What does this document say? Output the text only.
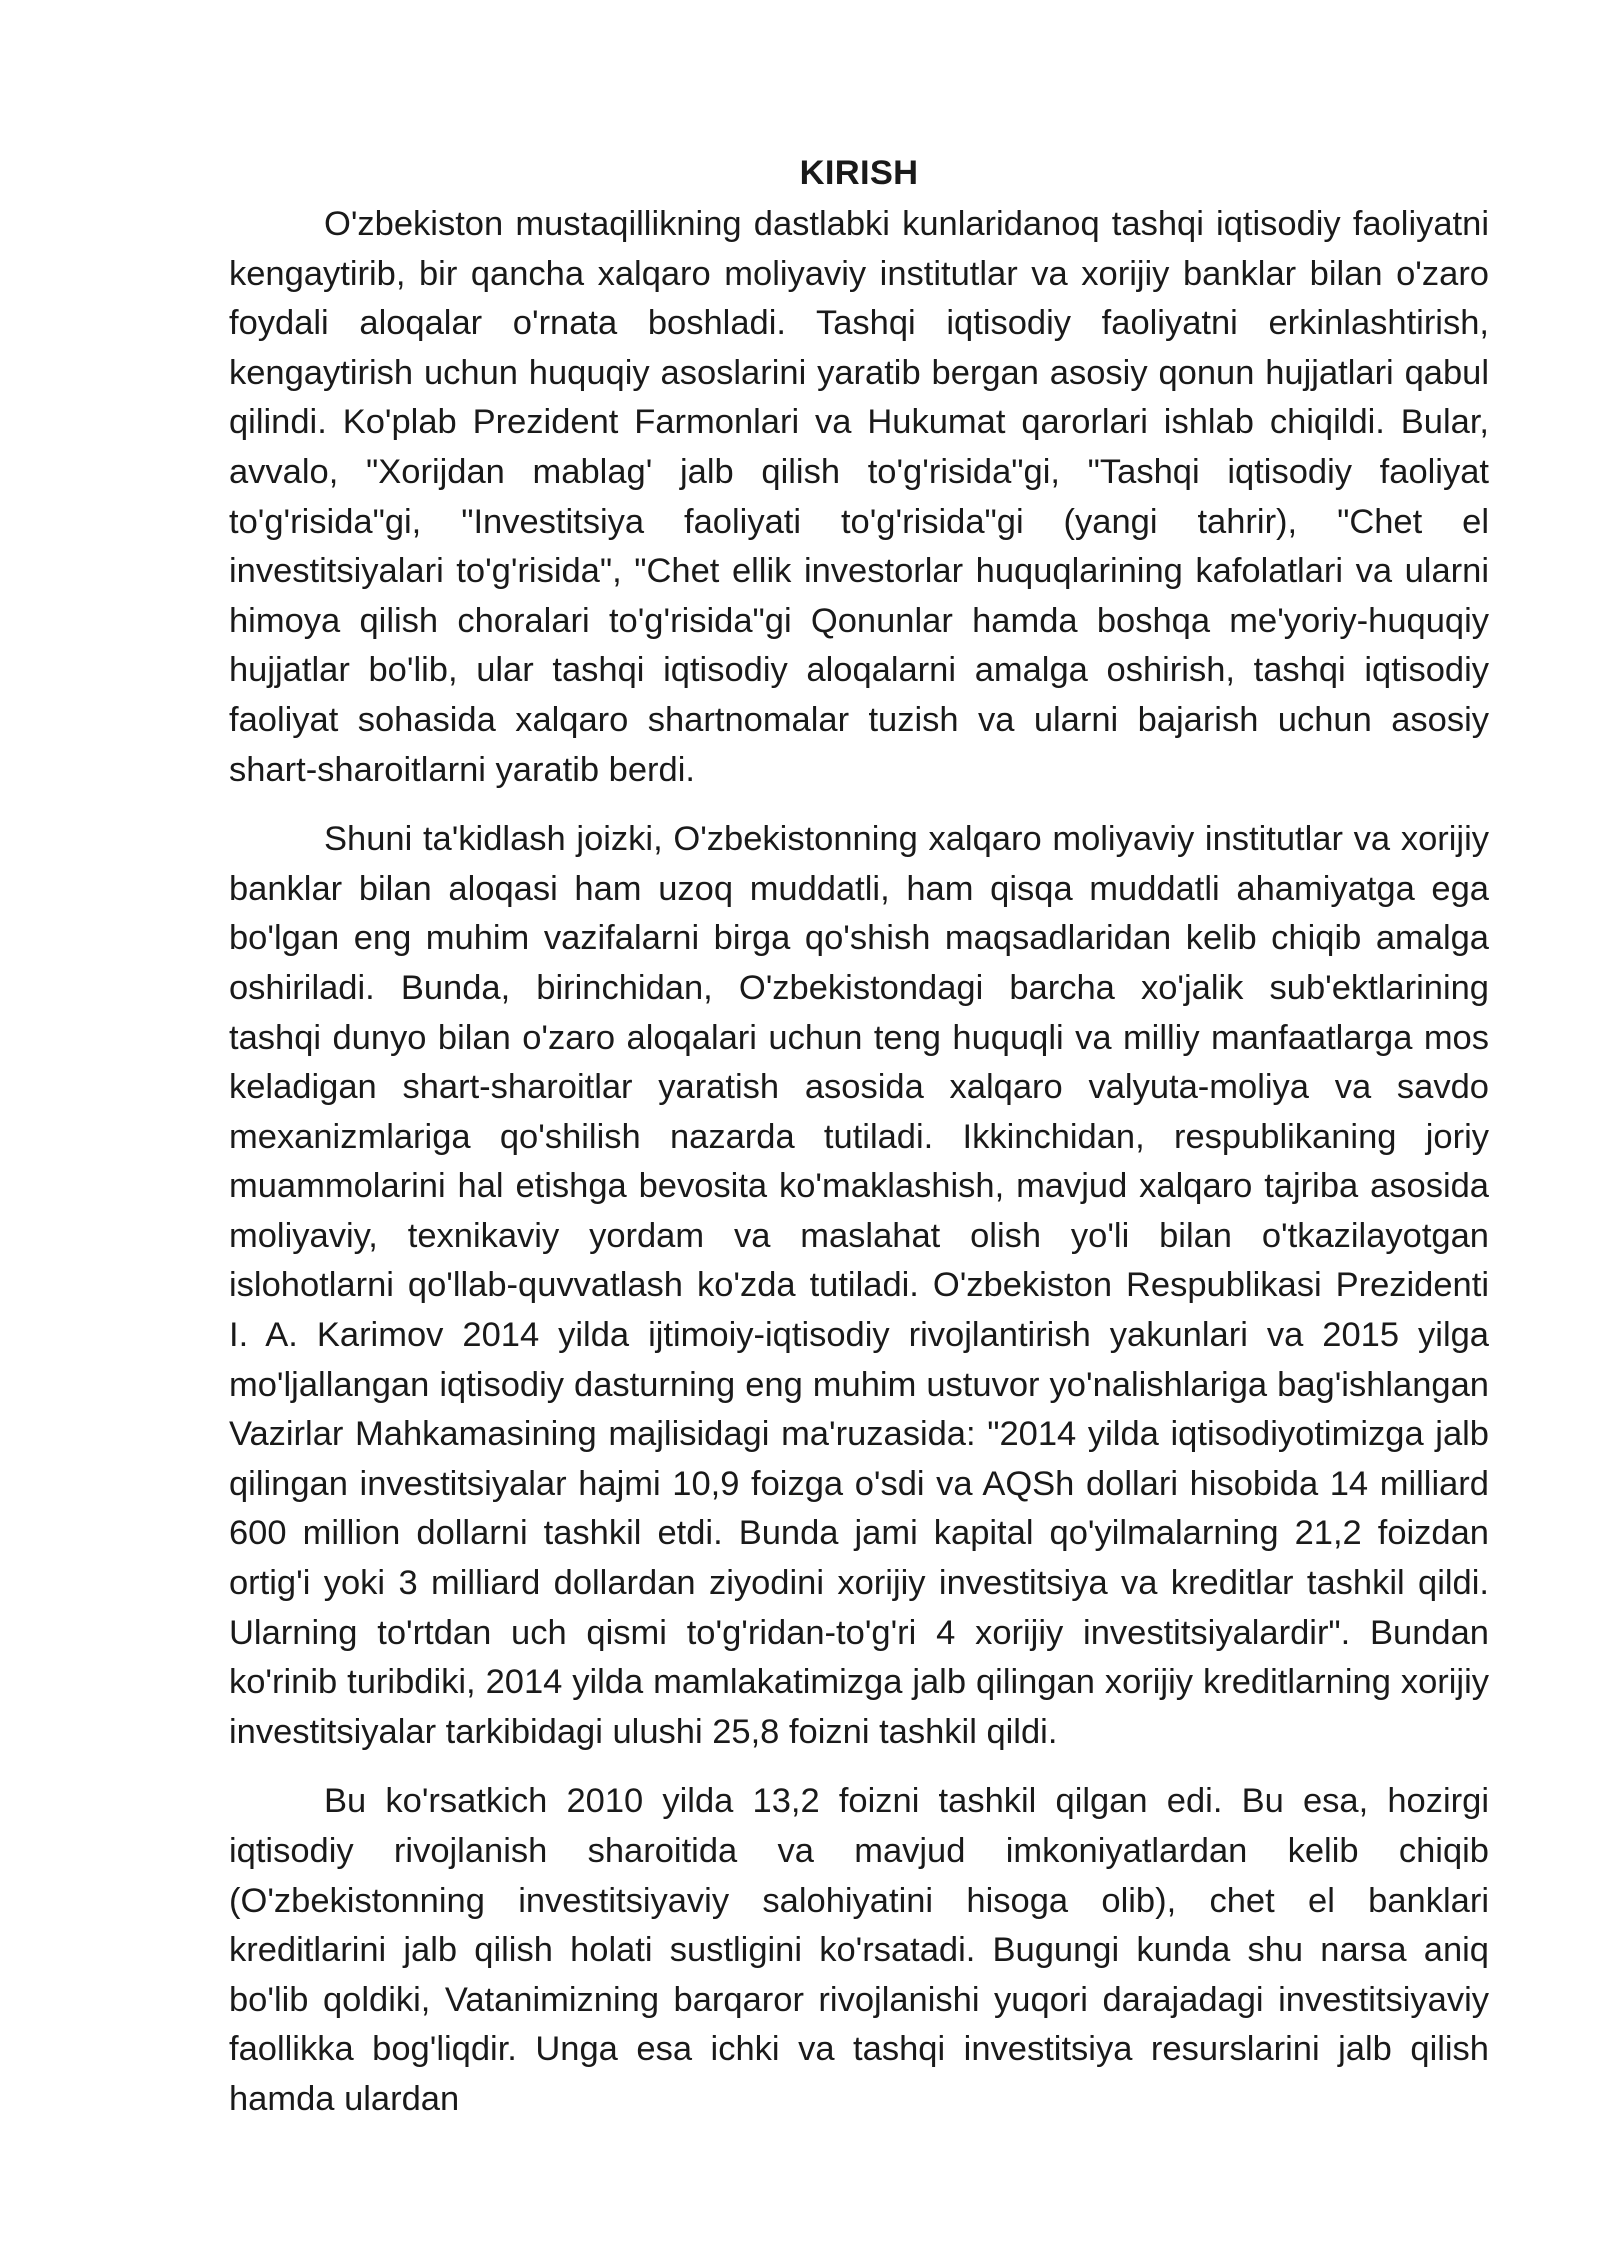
KIRISH

O'zbekiston mustaqillikning dastlabki kunlaridanoq tashqi iqtisodiy faoliyatni kengaytirib, bir qancha xalqaro moliyaviy institutlar va xorijiy banklar bilan o'zaro foydali aloqalar o'rnata boshladi. Tashqi iqtisodiy faoliyatni erkinlashtirish, kengaytirish uchun huquqiy asoslarini yaratib bergan asosiy qonun hujjatlari qabul qilindi. Ko'plab Prezident Farmonlari va Hukumat qarorlari ishlab chiqildi. Bular, avvalo, "Xorijdan mablag' jalb qilish to'g'risida"gi, "Tashqi iqtisodiy faoliyat to'g'risida"gi, "Investitsiya faoliyati to'g'risida"gi (yangi tahrir), "Chet el investitsiyalari to'g'risida", "Chet ellik investorlar huquqlarining kafolatlari va ularni himoya qilish choralari to'g'risida"gi Qonunlar hamda boshqa me'yoriy-huquqiy hujjatlar bo'lib, ular tashqi iqtisodiy aloqalarni amalga oshirish, tashqi iqtisodiy faoliyat sohasida xalqaro shartnomalar tuzish va ularni bajarish uchun asosiy shart-sharoitlarni yaratib berdi.

Shuni ta'kidlash joizki, O'zbekistonning xalqaro moliyaviy institutlar va xorijiy banklar bilan aloqasi ham uzoq muddatli, ham qisqa muddatli ahamiyatga ega bo'lgan eng muhim vazifalarni birga qo'shish maqsadlaridan kelib chiqib amalga oshiriladi. Bunda, birinchidan, O'zbekistondagi barcha xo'jalik sub'ektlarining tashqi dunyo bilan o'zaro aloqalari uchun teng huquqli va milliy manfaatlarga mos keladigan shart-sharoitlar yaratish asosida xalqaro valyuta-moliya va savdo mexanizmlariga qo'shilish nazarda tutiladi. Ikkinchidan, respublikaning joriy muammolarini hal etishga bevosita ko'maklashish, mavjud xalqaro tajriba asosida moliyaviy, texnikaviy yordam va maslahat olish yo'li bilan o'tkazilayotgan islohotlarni qo'llab-quvvatlash ko'zda tutiladi. O'zbekiston Respublikasi Prezidenti I. A. Karimov 2014 yilda ijtimoiy-iqtisodiy rivojlantirish yakunlari va 2015 yilga mo'ljallangan iqtisodiy dasturning eng muhim ustuvor yo'nalishlariga bag'ishlangan Vazirlar Mahkamasining majlisidagi ma'ruzasida: "2014 yilda iqtisodiyotimizga jalb qilingan investitsiyalar hajmi 10,9 foizga o'sdi va AQSh dollari hisobida 14 milliard 600 million dollarni tashkil etdi. Bunda jami kapital qo'yilmalarning 21,2 foizdan ortig'i yoki 3 milliard dollardan ziyodini xorijiy investitsiya va kreditlar tashkil qildi. Ularning to'rtdan uch qismi to'g'ridan-to'g'ri 4 xorijiy investitsiyalardir". Bundan ko'rinib turibdiki, 2014 yilda mamlakatimizga jalb qilingan xorijiy kreditlarning xorijiy investitsiyalar tarkibidagi ulushi 25,8 foizni tashkil qildi.

Bu ko'rsatkich 2010 yilda 13,2 foizni tashkil qilgan edi. Bu esa, hozirgi iqtisodiy rivojlanish sharoitida va mavjud imkoniyatlardan kelib chiqib (O'zbekistonning investitsiyaviy salohiyatini hisoga olib), chet el banklari kreditlarini jalb qilish holati sustligini ko'rsatadi. Bugungi kunda shu narsa aniq bo'lib qoldiki, Vatanimizning barqaror rivojlanishi yuqori darajadagi investitsiyaviy faollikka bog'liqdir. Unga esa ichki va tashqi investitsiya resurslarini jalb qilish hamda ulardan
